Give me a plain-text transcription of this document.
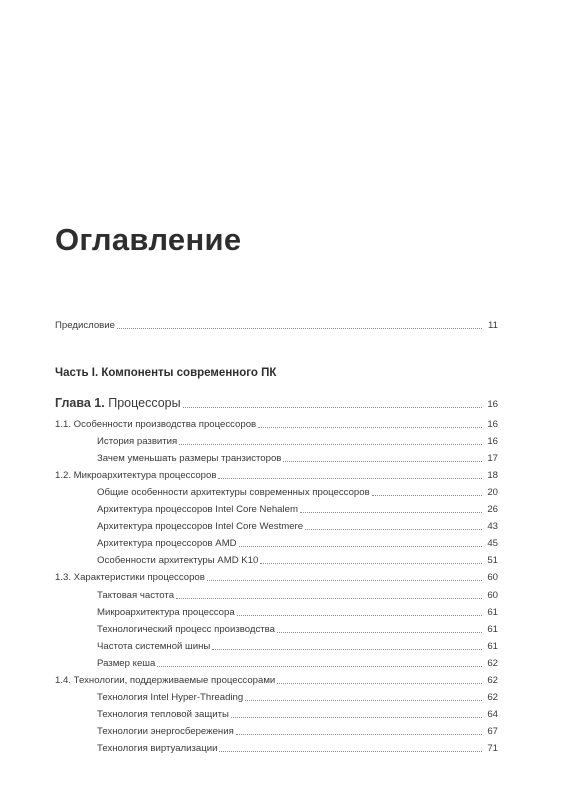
Оглавление
Предисловие	11
Часть I. Компоненты современного ПК
Глава 1. Процессоры	16
1.1. Особенности производства процессоров	16
История развития	16
Зачем уменьшать размеры транзисторов	17
1.2. Микроархитектура процессоров	18
Общие особенности архитектуры современных процессоров	20
Архитектура процессоров Intel Core Nehalem	26
Архитектура процессоров Intel Core Westmere	43
Архитектура процессоров AMD	45
Особенности архитектуры AMD K10	51
1.3. Характеристики процессоров	60
Тактовая частота	60
Микроархитектура процессора	61
Технологический процесс производства	61
Частота системной шины	61
Размер кеша	62
1.4. Технологии, поддерживаемые процессорами	62
Технология Intel Hyper-Threading	62
Технология тепловой защиты	64
Технологии энергосбережения	67
Технология виртуализации	71
